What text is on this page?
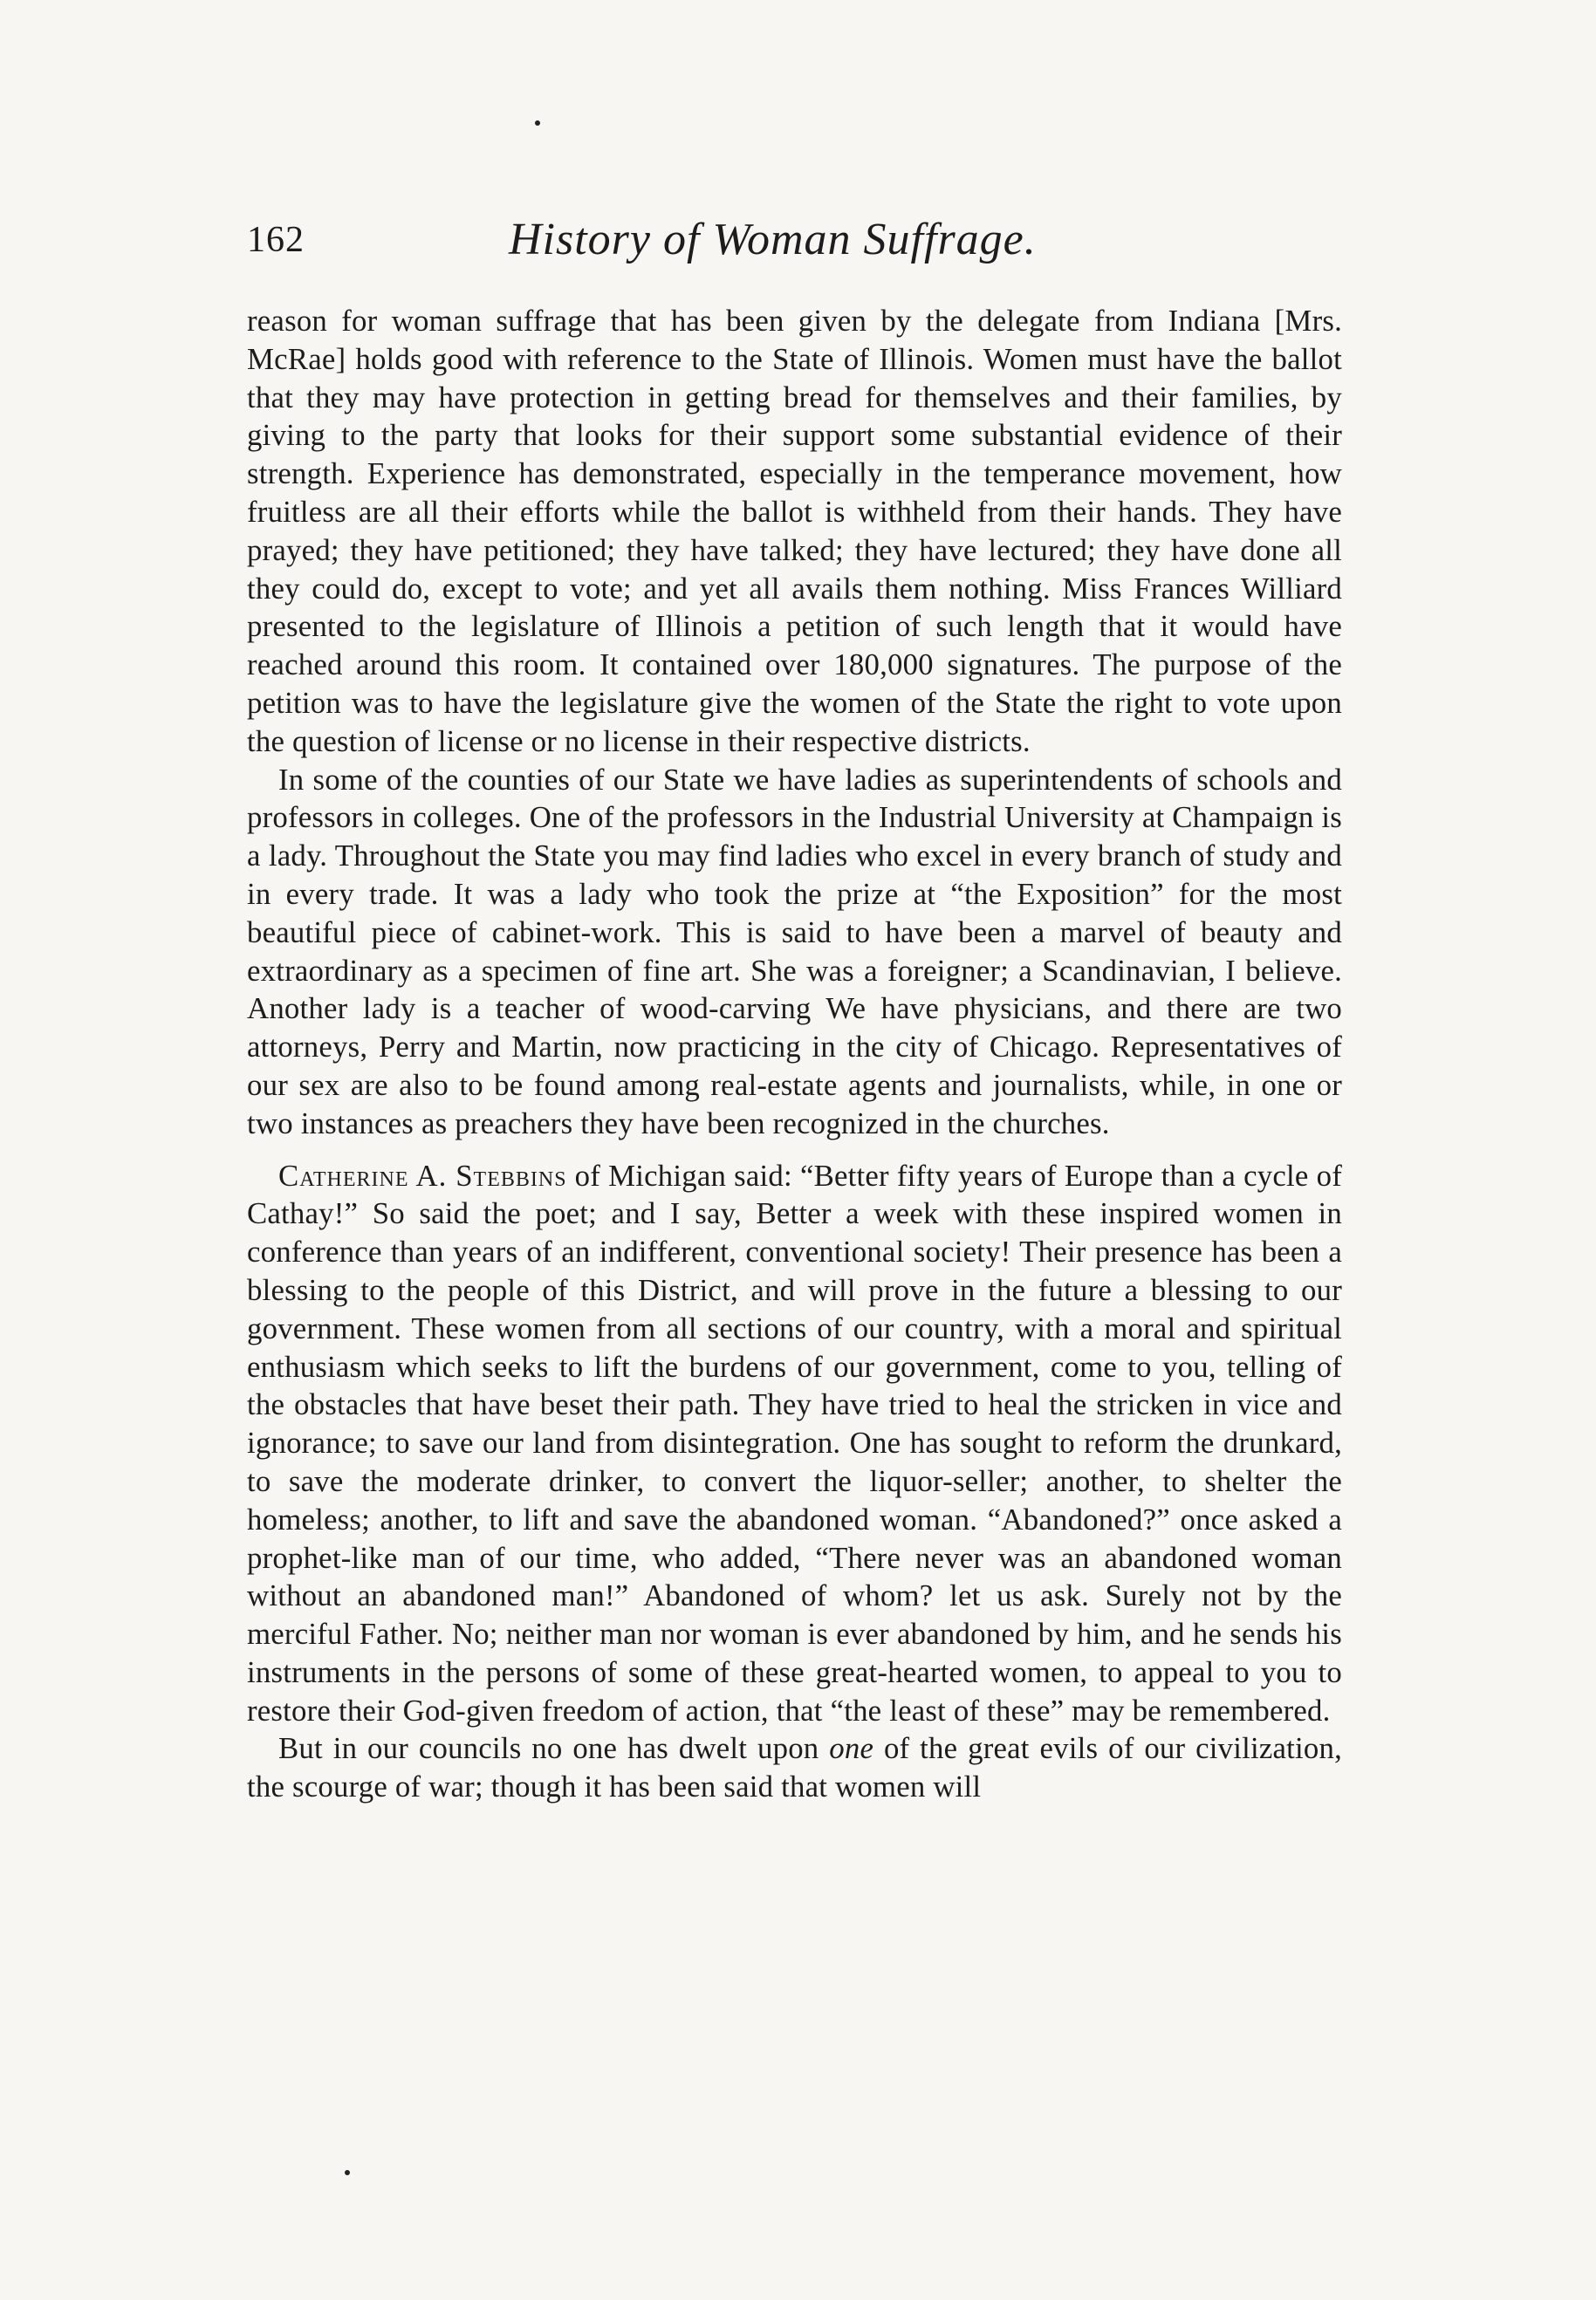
162	History of Woman Suffrage.

reason for woman suffrage that has been given by the delegate from Indiana [Mrs. McRae] holds good with reference to the State of Illinois. Women must have the ballot that they may have protection in getting bread for themselves and their families, by giving to the party that looks for their support some substantial evidence of their strength. Experience has demonstrated, especially in the temperance movement, how fruitless are all their efforts while the ballot is withheld from their hands. They have prayed; they have petitioned; they have talked; they have lectured; they have done all they could do, except to vote; and yet all avails them nothing. Miss Frances Williard presented to the legislature of Illinois a petition of such length that it would have reached around this room. It contained over 180,000 signatures. The purpose of the petition was to have the legislature give the women of the State the right to vote upon the question of license or no license in their respective districts.

In some of the counties of our State we have ladies as superintendents of schools and professors in colleges. One of the professors in the Industrial University at Champaign is a lady. Throughout the State you may find ladies who excel in every branch of study and in every trade. It was a lady who took the prize at “the Exposition” for the most beautiful piece of cabinet-work. This is said to have been a marvel of beauty and extraordinary as a specimen of fine art. She was a foreigner; a Scandinavian, I believe. Another lady is a teacher of wood-carving We have physicians, and there are two attorneys, Perry and Martin, now practicing in the city of Chicago. Representatives of our sex are also to be found among real-estate agents and journalists, while, in one or two instances as preachers they have been recognized in the churches.

Catherine A. Stebbins of Michigan said: “Better fifty years of Europe than a cycle of Cathay!” So said the poet; and I say, Better a week with these inspired women in conference than years of an indifferent, conventional society! Their presence has been a blessing to the people of this District, and will prove in the future a blessing to our government. These women from all sections of our country, with a moral and spiritual enthusiasm which seeks to lift the burdens of our government, come to you, telling of the obstacles that have beset their path. They have tried to heal the stricken in vice and ignorance; to save our land from disintegration. One has sought to reform the drunkard, to save the moderate drinker, to convert the liquor-seller; another, to shelter the homeless; another, to lift and save the abandoned woman. “Abandoned?” once asked a prophet-like man of our time, who added, “There never was an abandoned woman without an abandoned man!” Abandoned of whom? let us ask. Surely not by the merciful Father. No; neither man nor woman is ever abandoned by him, and he sends his instruments in the persons of some of these great-hearted women, to appeal to you to restore their God-given freedom of action, that “the least of these” may be remembered.

But in our councils no one has dwelt upon one of the great evils of our civilization, the scourge of war; though it has been said that women will
